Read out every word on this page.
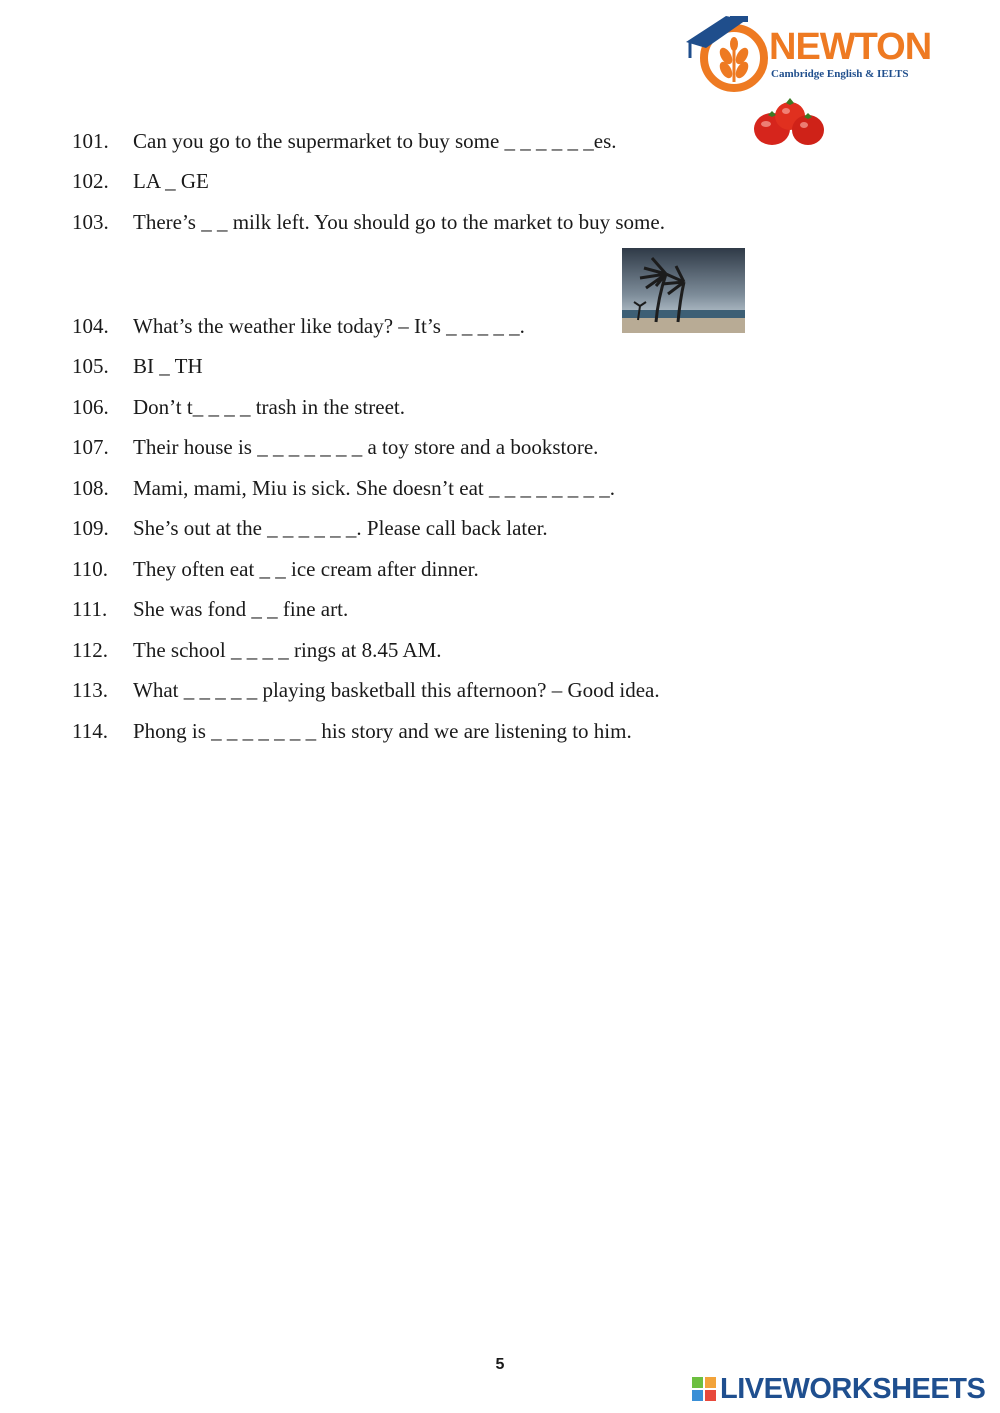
NEWTON
Cambridge English & IELTS
101. Can you go to the supermarket to buy some _ _ _ _ _ _es.
102. LA _ GE
103. There’s _ _ milk left. You should go to the market to buy some.
104. What’s the weather like today? – It’s _ _ _ _ _.
105. BI _ TH
106. Don’t t_ _ _ _ trash in the street.
107. Their house is _ _ _ _ _ _ _ a toy store and a bookstore.
108. Mami, mami, Miu is sick. She doesn’t eat _ _ _ _ _ _ _ _.
109. She’s out at the _ _ _ _ _ _. Please call back later.
110. They often eat _ _ ice cream after dinner.
111. She was fond _ _ fine art.
112. The school _ _ _ _ rings at 8.45 AM.
113. What _ _ _ _ _ playing basketball this afternoon? – Good idea.
114. Phong is _ _ _ _ _ _ _ his story and we are listening to him.
5
LIVEWORKSHEETS
